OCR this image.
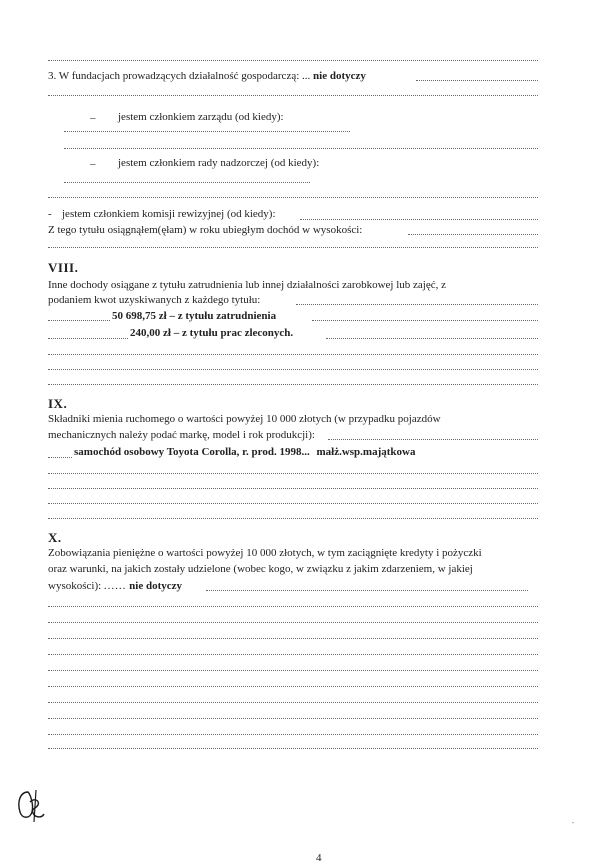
3. W fundacjach prowadzących działalność gospodarczą: ... nie dotyczy
– jestem członkiem zarządu (od kiedy):
– jestem członkiem rady nadzorczej (od kiedy):
- jestem członkiem komisji rewizyjnej (od kiedy):
Z tego tytułu osiągnąłem(ęłam) w roku ubiegłym dochód w wysokości:
VIII.
Inne dochody osiągane z tytułu zatrudnienia lub innej działalności zarobkowej lub zajęć, z
podaniem kwot uzyskiwanych z każdego tytułu:
50 698,75 zł – z tytułu zatrudnienia
240,00 zł – z tytułu prac zleconych.
IX.
Składniki mienia ruchomego o wartości powyżej 10 000 złotych (w przypadku pojazdów
mechanicznych należy podać markę, model i rok produkcji):
samochód osobowy Toyota Corolla, r. prod. 1998... małż.wsp.majątkowa
X.
Zobowiązania pieniężne o wartości powyżej 10 000 złotych, w tym zaciągnięte kredyty i pożyczki
oraz warunki, na jakich zostały udzielone (wobec kogo, w związku z jakim zdarzeniem, w jakiej
wysokości): ...... nie dotyczy
"
4
